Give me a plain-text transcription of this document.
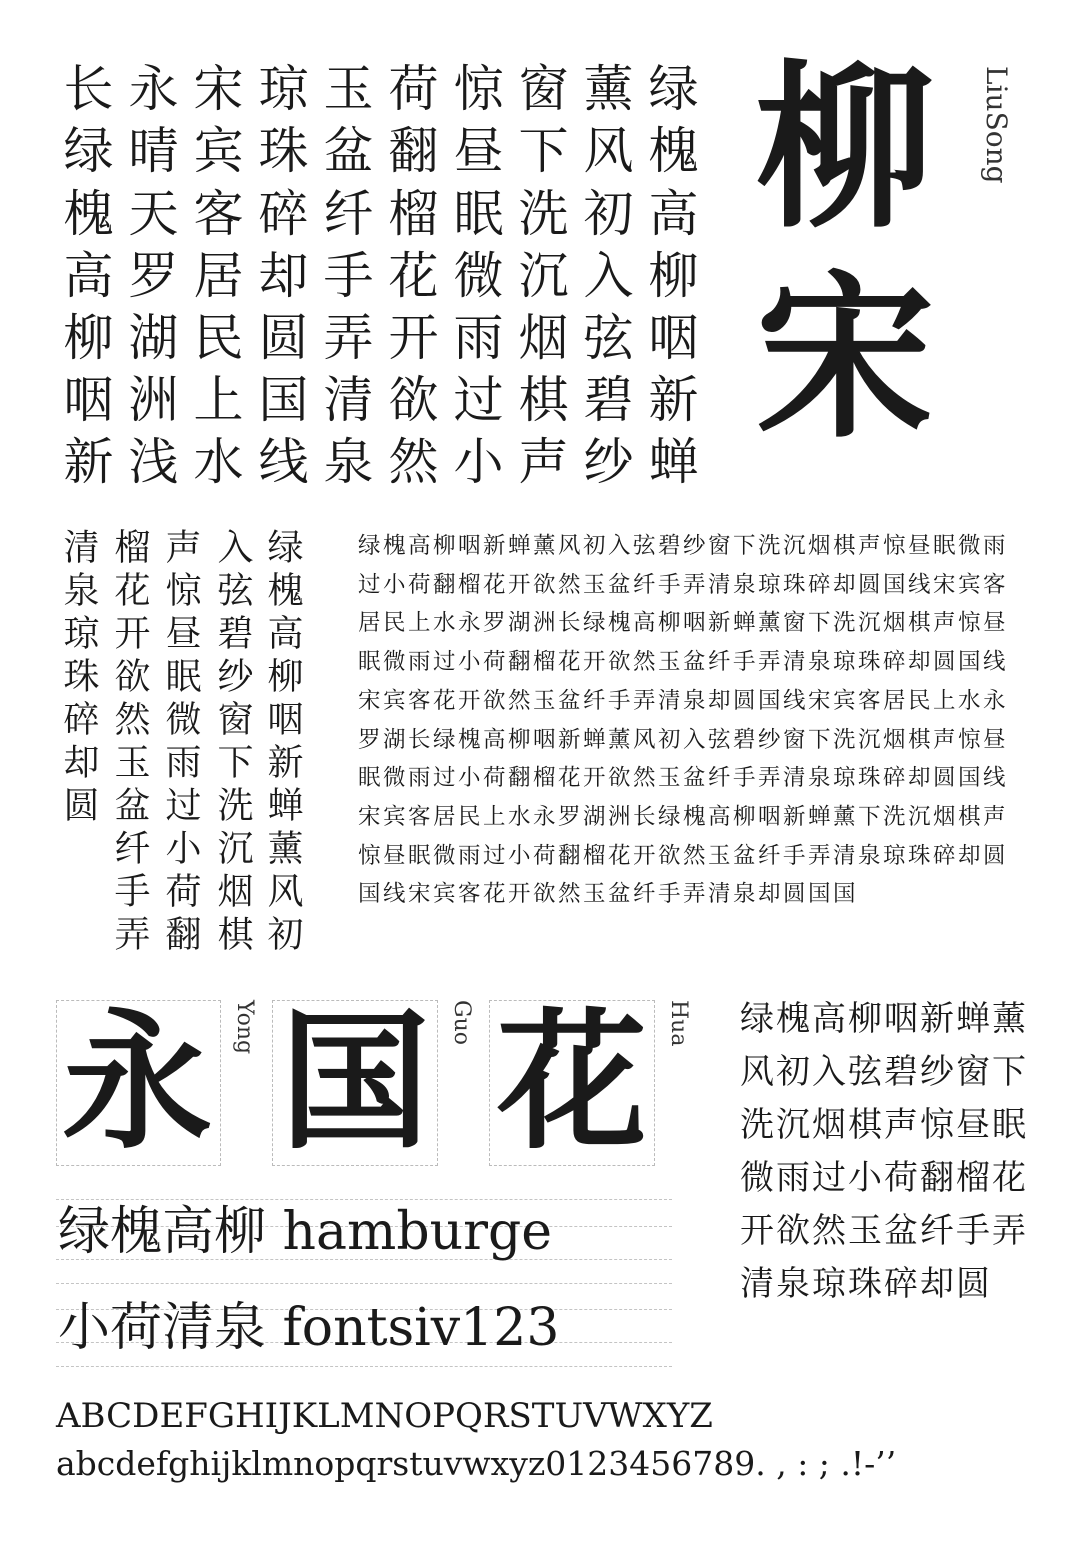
长 永 宋 琼 玉 荷 惊 窗 薰 绿
绿 晴 宾 珠 盆 翻 昼 下 风 槐
槐 天 客 碎 纤 榴 眠 洗 初 高
高 罗 居 却 手 花 微 沉 入 柳
柳 湖 民 圆 弄 开 雨 烟 弦 咽
咽 洲 上 国 清 欲 过 棋 碧 新
新 浅 水 线 泉 然 小 声 纱 蝉
柳
宋
LiuSong
绿槐高柳咽新蝉薰风初
入弦碧纱窗下洗沉烟棋
声惊昼眠微雨过小荷翻
榴花开欲然玉盆纤手弄
清泉琼珠碎却圆	绿槐高柳咽新蝉薰风初入弦碧纱窗下洗沉烟棋声惊昼眠微雨过小荷翻榴花开欲然玉盆纤手弄清泉琼珠碎却圆国线宋宾客居民上水永罗湖洲长绿槐高柳咽新蝉薰窗下洗沉烟棋声惊昼眠微雨过小荷翻榴花开欲然玉盆纤手弄清泉琼珠碎却圆国线宋宾客花开欲然玉盆纤手弄清泉却圆国线宋宾客居民上水永罗湖长绿槐高柳咽新蝉薰风初入弦碧纱窗下洗沉烟棋声惊昼眠微雨过小荷翻榴花开欲然玉盆纤手弄清泉琼珠碎却圆国线宋宾客居民上水永罗湖洲长绿槐高柳咽新蝉薰下洗沉烟棋声惊昼眠微雨过小荷翻榴花开欲然玉盆纤手弄清泉琼珠碎却圆国线宋宾客花开欲然玉盆纤手弄清泉却圆国国
永 国 花
Yong	Guo	Hua 绿槐高柳咽新蝉薰风初入弦碧纱窗下洗沉烟棋声惊昼眠微雨过小荷翻榴花开欲然玉盆纤手弄清泉琼珠碎却圆
绿槐高柳 hamburge
小荷清泉 fontsiv123
ABCDEFGHIJKLMNOPQRSTUVWXYZ
abcdefghijklmnopqrstuvwxyz0123456789. , : ; .!-’’
